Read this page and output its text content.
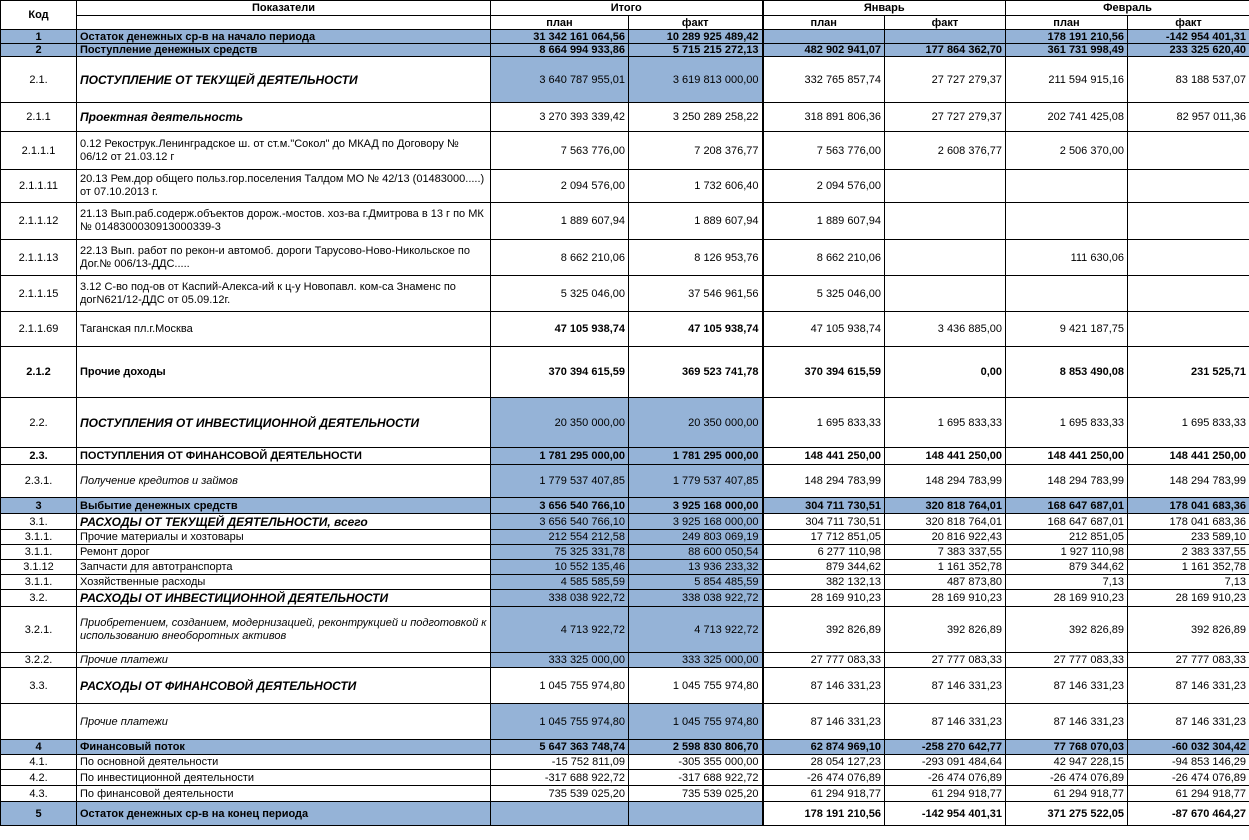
Код	Показатели	Итого		Январь		Февраль	
		план	факт	план	факт	план	факт
1	Остаток денежных ср-в на начало периода	31 342 161 064,56	10 289 925 489,42			178 191 210,56	-142 954 401,31
2	Поступление денежных средств	8 664 994 933,86	5 715 215 272,13	482 902 941,07	177 864 362,70	361 731 998,49	233 325 620,40
2.1.	ПОСТУПЛЕНИЕ ОТ ТЕКУЩЕЙ ДЕЯТЕЛЬНОСТИ	3 640 787 955,01	3 619 813 000,00	332 765 857,74	27 727 279,37	211 594 915,16	83 188 537,07
2.1.1	Проектная деятельность	3 270 393 339,42	3 250 289 258,22	318 891 806,36	27 727 279,37	202 741 425,08	82 957 011,36
2.1.1.1	0.12 Рекострук.Ленинградское ш. от ст.м."Сокол" до МКАД по Договору № 06/12 от 21.03.12 г	7 563 776,00	7 208 376,77	7 563 776,00	2 608 376,77	2 506 370,00	
2.1.1.11	20.13 Рем.дор общего польз.гор.поселения Талдом МО № 42/13 (01483000.....) от 07.10.2013 г.	2 094 576,00	1 732 606,40	2 094 576,00			
2.1.1.12	21.13 Вып.раб.содерж.объектов дорож.-мостов. хоз-ва г.Дмитрова в 13 г по МК № 0148300030913000339-3	1 889 607,94	1 889 607,94	1 889 607,94			
2.1.1.13	22.13 Вып. работ по рекон-и автомоб. дороги Тарусово-Ново-Никольское по Дог.№ 006/13-ДДС.....	8 662 210,06	8 126 953,76	8 662 210,06		111 630,06	
2.1.1.15	3.12 С-во под-ов от Каспий-Алекса-ий к ц-у Новопавл. ком-са Знаменс по догN621/12-ДДС от 05.09.12г.	5 325 046,00	37 546 961,56	5 325 046,00			
2.1.1.69	Таганская пл.г.Москва	47 105 938,74	47 105 938,74	47 105 938,74	3 436 885,00	9 421 187,75	
2.1.2	Прочие доходы	370 394 615,59	369 523 741,78	370 394 615,59	0,00	8 853 490,08	231 525,71
2.2.	ПОСТУПЛЕНИЯ ОТ ИНВЕСТИЦИОННОЙ ДЕЯТЕЛЬНОСТИ	20 350 000,00	20 350 000,00	1 695 833,33	1 695 833,33	1 695 833,33	1 695 833,33
2.3.	ПОСТУПЛЕНИЯ ОТ ФИНАНСОВОЙ ДЕЯТЕЛЬНОСТИ	1 781 295 000,00	1 781 295 000,00	148 441 250,00	148 441 250,00	148 441 250,00	148 441 250,00
2.3.1.	Получение кредитов и займов	1 779 537 407,85	1 779 537 407,85	148 294 783,99	148 294 783,99	148 294 783,99	148 294 783,99
3	Выбытие денежных средств	3 656 540 766,10	3 925 168 000,00	304 711 730,51	320 818 764,01	168 647 687,01	178 041 683,36
3.1.	РАСХОДЫ ОТ ТЕКУЩЕЙ ДЕЯТЕЛЬНОСТИ, всего	3 656 540 766,10	3 925 168 000,00	304 711 730,51	320 818 764,01	168 647 687,01	178 041 683,36
3.1.1.	Прочие материалы и хозтовары	212 554 212,58	249 803 069,19	17 712 851,05	20 816 922,43	212 851,05	233 589,10
3.1.1.	Ремонт дорог	75 325 331,78	88 600 050,54	6 277 110,98	7 383 337,55	1 927 110,98	2 383 337,55
3.1.12	Запчасти для автотранспорта	10 552 135,46	13 936 233,32	879 344,62	1 161 352,78	879 344,62	1 161 352,78
3.1.1.	Хозяйственные расходы	4 585 585,59	5 854 485,59	382 132,13	487 873,80	7,13	7,13
3.2.	РАСХОДЫ ОТ ИНВЕСТИЦИОННОЙ ДЕЯТЕЛЬНОСТИ	338 038 922,72	338 038 922,72	28 169 910,23	28 169 910,23	28 169 910,23	28 169 910,23
3.2.1.	Приобретением, созданием, модернизацией, реконтрукцией и подготовкой к использованию внеоборотных активов	4 713 922,72	4 713 922,72	392 826,89	392 826,89	392 826,89	392 826,89
3.2.2.	Прочие платежи	333 325 000,00	333 325 000,00	27 777 083,33	27 777 083,33	27 777 083,33	27 777 083,33
3.3.	РАСХОДЫ ОТ ФИНАНСОВОЙ ДЕЯТЕЛЬНОСТИ	1 045 755 974,80	1 045 755 974,80	87 146 331,23	87 146 331,23	87 146 331,23	87 146 331,23
	Прочие платежи	1 045 755 974,80	1 045 755 974,80	87 146 331,23	87 146 331,23	87 146 331,23	87 146 331,23
4	Финансовый поток	5 647 363 748,74	2 598 830 806,70	62 874 969,10	-258 270 642,77	77 768 070,03	-60 032 304,42
4.1.	По основной деятельности	-15 752 811,09	-305 355 000,00	28 054 127,23	-293 091 484,64	42 947 228,15	-94 853 146,29
4.2.	По инвестиционной деятельности	-317 688 922,72	-317 688 922,72	-26 474 076,89	-26 474 076,89	-26 474 076,89	-26 474 076,89
4.3.	По финансовой деятельности	735 539 025,20	735 539 025,20	61 294 918,77	61 294 918,77	61 294 918,77	61 294 918,77
5	Остаток денежных ср-в на конец периода			178 191 210,56	-142 954 401,31	371 275 522,05	-87 670 464,27
